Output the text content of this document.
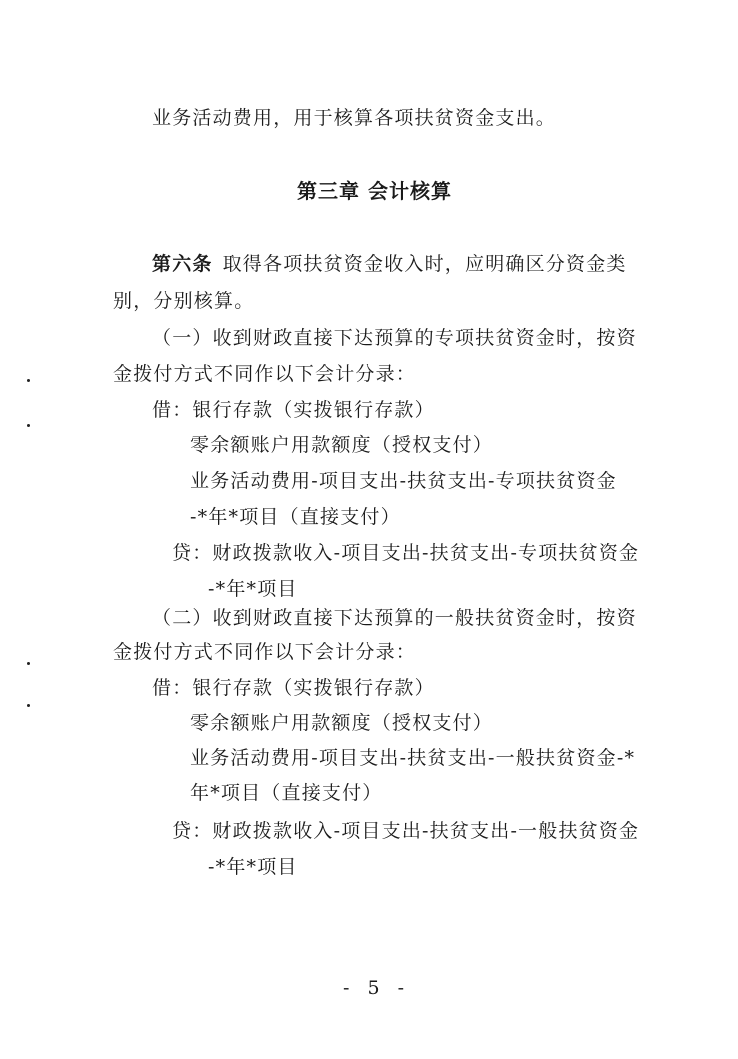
业务活动费用，用于核算各项扶贫资金支出。
第三章 会计核算
第六条 取得各项扶贫资金收入时，应明确区分资金类
别，分别核算。
（一）收到财政直接下达预算的专项扶贫资金时，按资
金拨付方式不同作以下会计分录：
借：银行存款（实拨银行存款）
零余额账户用款额度（授权支付）
业务活动费用-项目支出-扶贫支出-专项扶贫资金
-*年*项目（直接支付）
贷：财政拨款收入-项目支出-扶贫支出-专项扶贫资金
-*年*项目
（二）收到财政直接下达预算的一般扶贫资金时，按资
金拨付方式不同作以下会计分录：
借：银行存款（实拨银行存款）
零余额账户用款额度（授权支付）
业务活动费用-项目支出-扶贫支出-一般扶贫资金-*
年*项目（直接支付）
贷：财政拨款收入-项目支出-扶贫支出-一般扶贫资金
-*年*项目
- 5 -
